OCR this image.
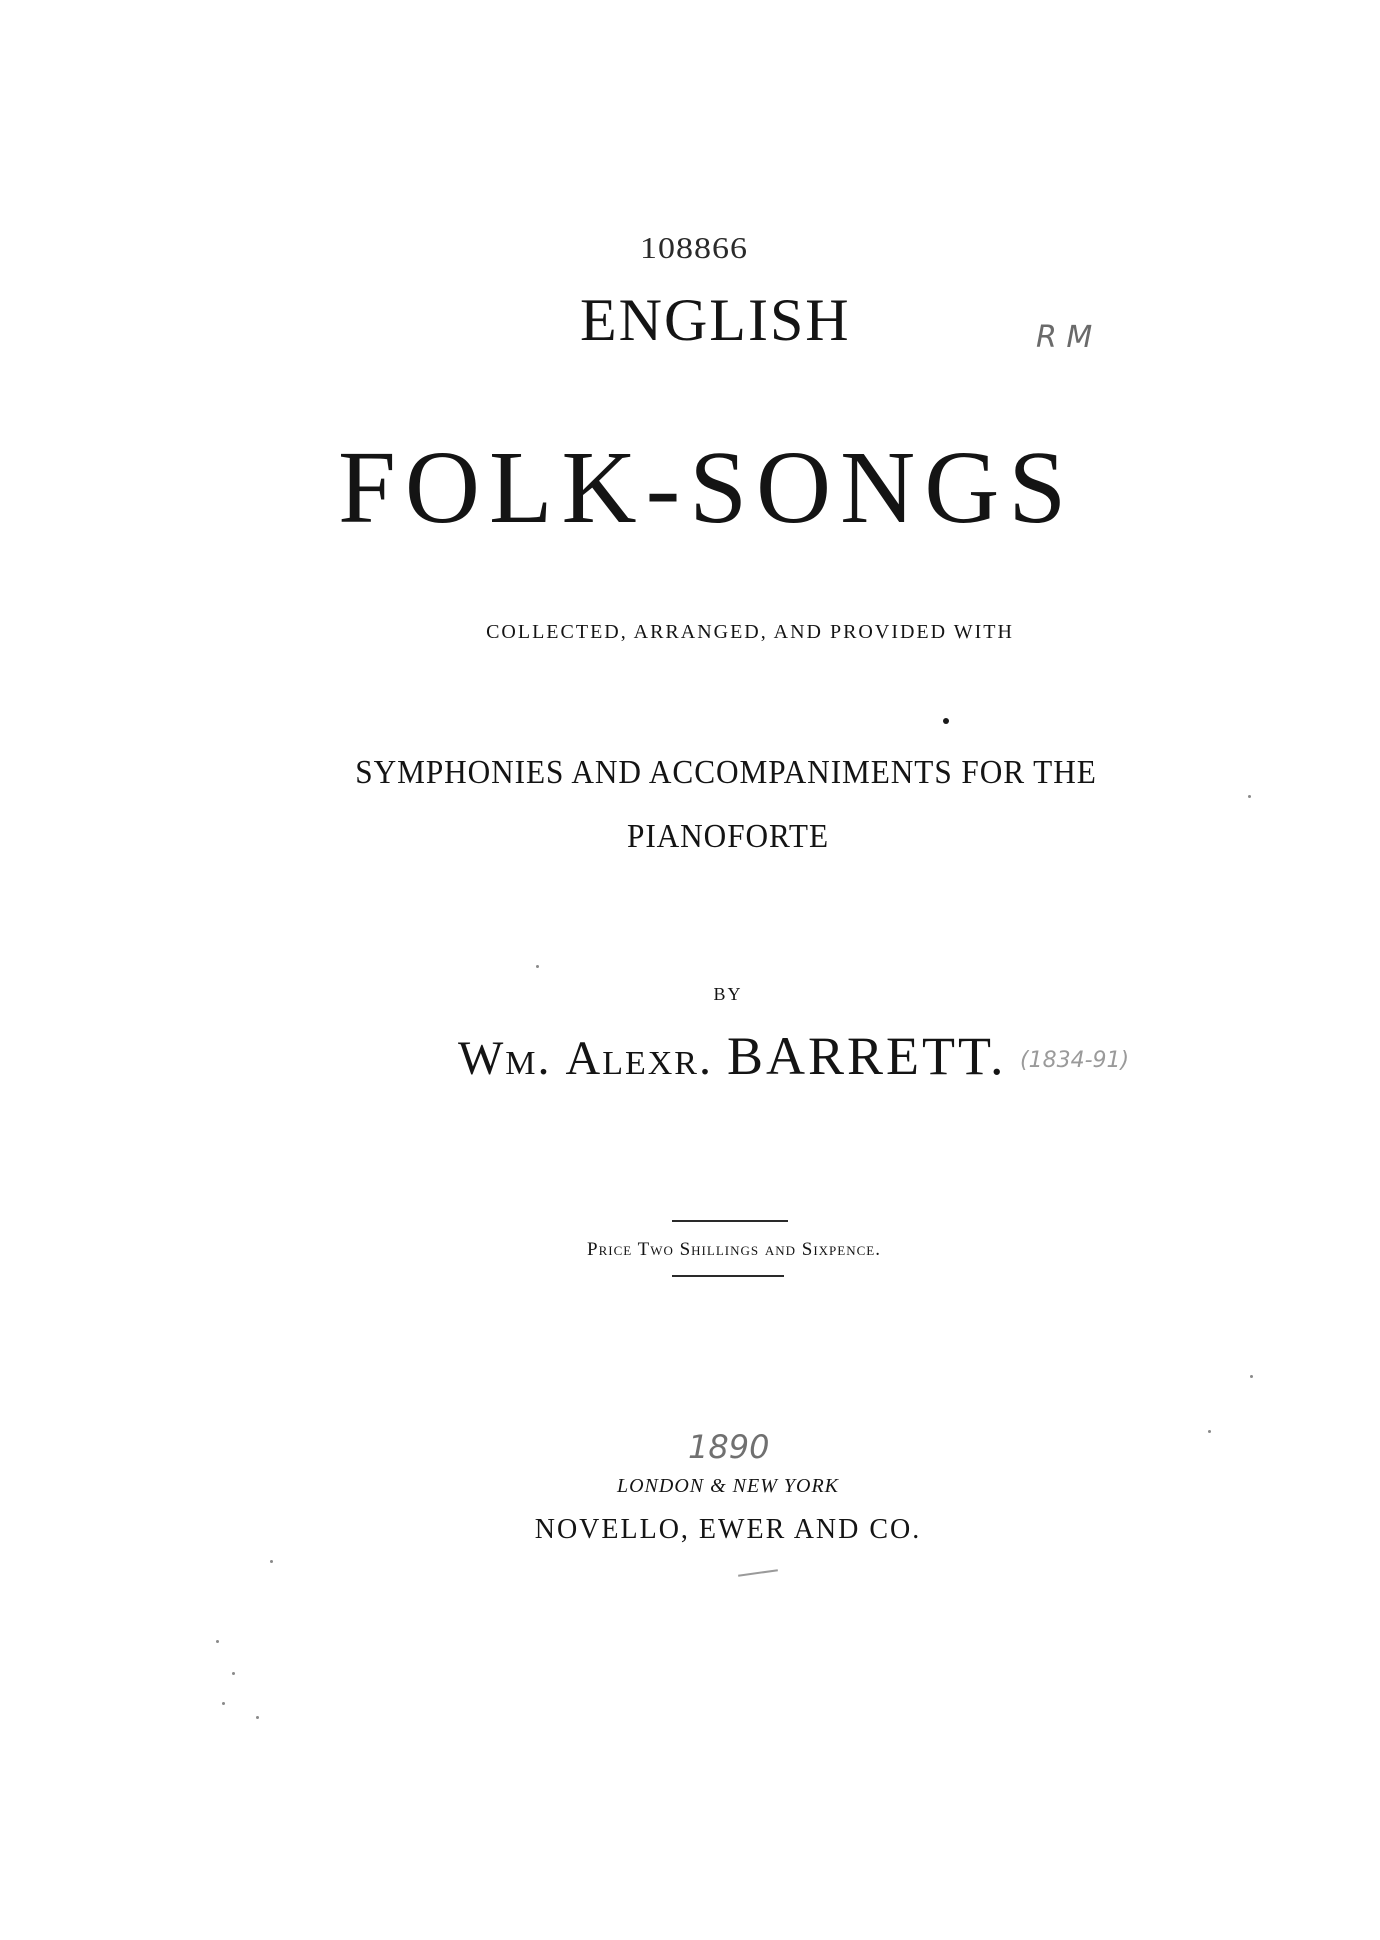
108866
ENGLISH	R M
FOLK-SONGS
COLLECTED, ARRANGED, AND PROVIDED WITH
SYMPHONIES AND ACCOMPANIMENTS FOR THE
PIANOFORTE
BY
Wm. Alexr. BARRETT. (1834-91)
Price Two Shillings and Sixpence.
1890
LONDON & NEW YORK
NOVELLO, EWER AND CO.
